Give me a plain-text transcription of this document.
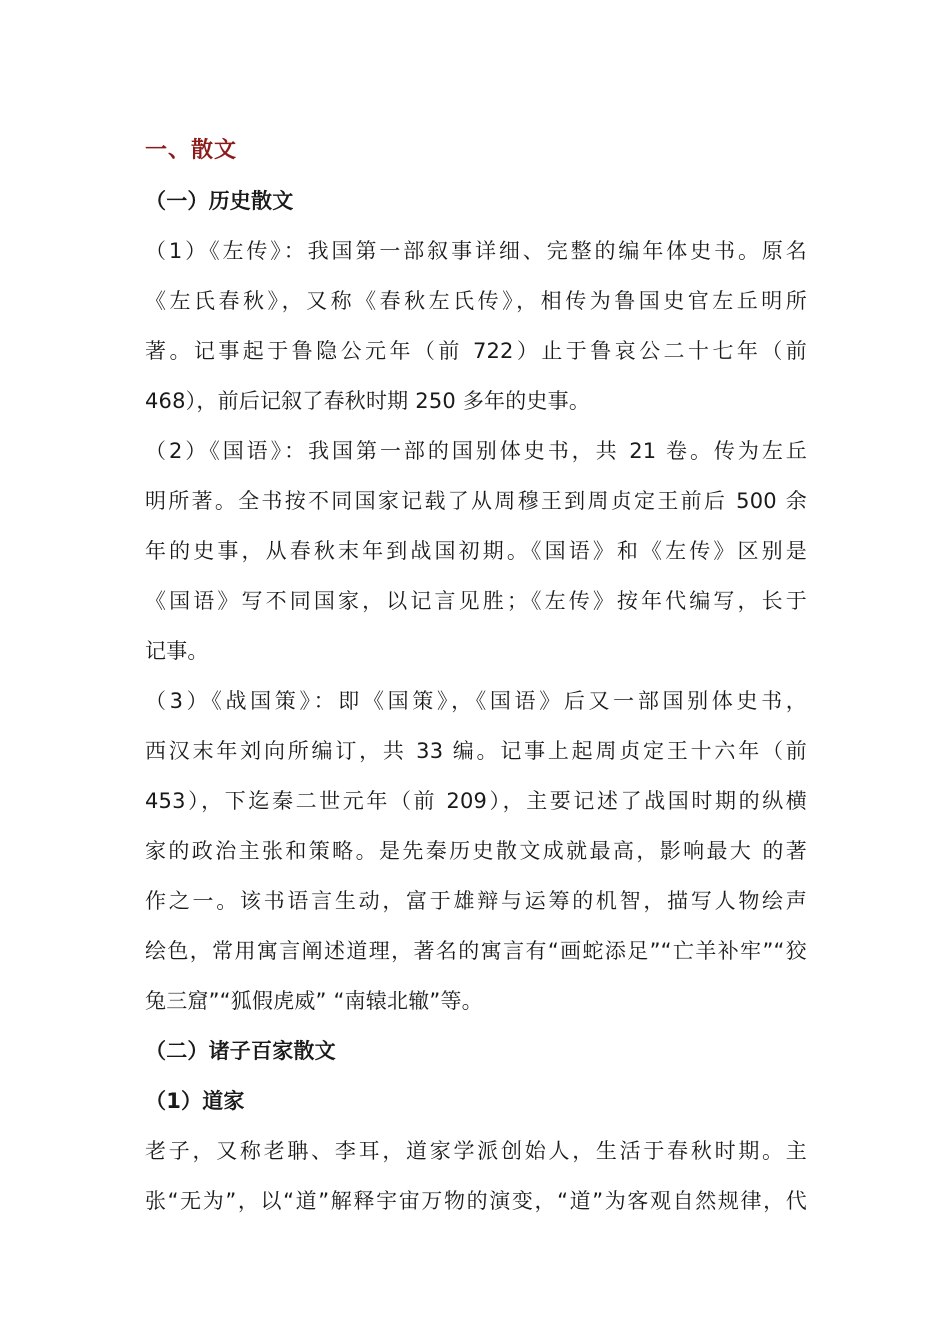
一、散文
（一）历史散文
（1）《左传》：我国第一部叙事详细、完整的编年体史书。原名
《左氏春秋》，又称《春秋左氏传》，相传为鲁国史官左丘明所
著。记事起于鲁隐公元年（前 722）止于鲁哀公二十七年（前
468），前后记叙了春秋时期 250 多年的史事。
（2）《国语》：我国第一部的国别体史书，共 21 卷。传为左丘
明所著。全书按不同国家记载了从周穆王到周贞定王前后 500 余
年的史事，从春秋末年到战国初期。《国语》和《左传》区别是
《国语》写不同国家，以记言见胜；《左传》按年代编写，长于
记事。
（3）《战国策》：即《国策》，《国语》后又一部国别体史书，
西汉末年刘向所编订，共 33 编。记事上起周贞定王十六年（前
453），下迄秦二世元年（前 209），主要记述了战国时期的纵横
家的政治主张和策略。是先秦历史散文成就最高，影响最大 的著
作之一。该书语言生动，富于雄辩与运筹的机智，描写人物绘声
绘色，常用寓言阐述道理，著名的寓言有“画蛇添足”“亡羊补牢”“狡
兔三窟”“狐假虎威” “南辕北辙”等。
（二）诸子百家散文
（1）道家
老子，又称老聃、李耳，道家学派创始人，生活于春秋时期。主
张“无为”，以“道”解释宇宙万物的演变，“道”为客观自然规律，代
